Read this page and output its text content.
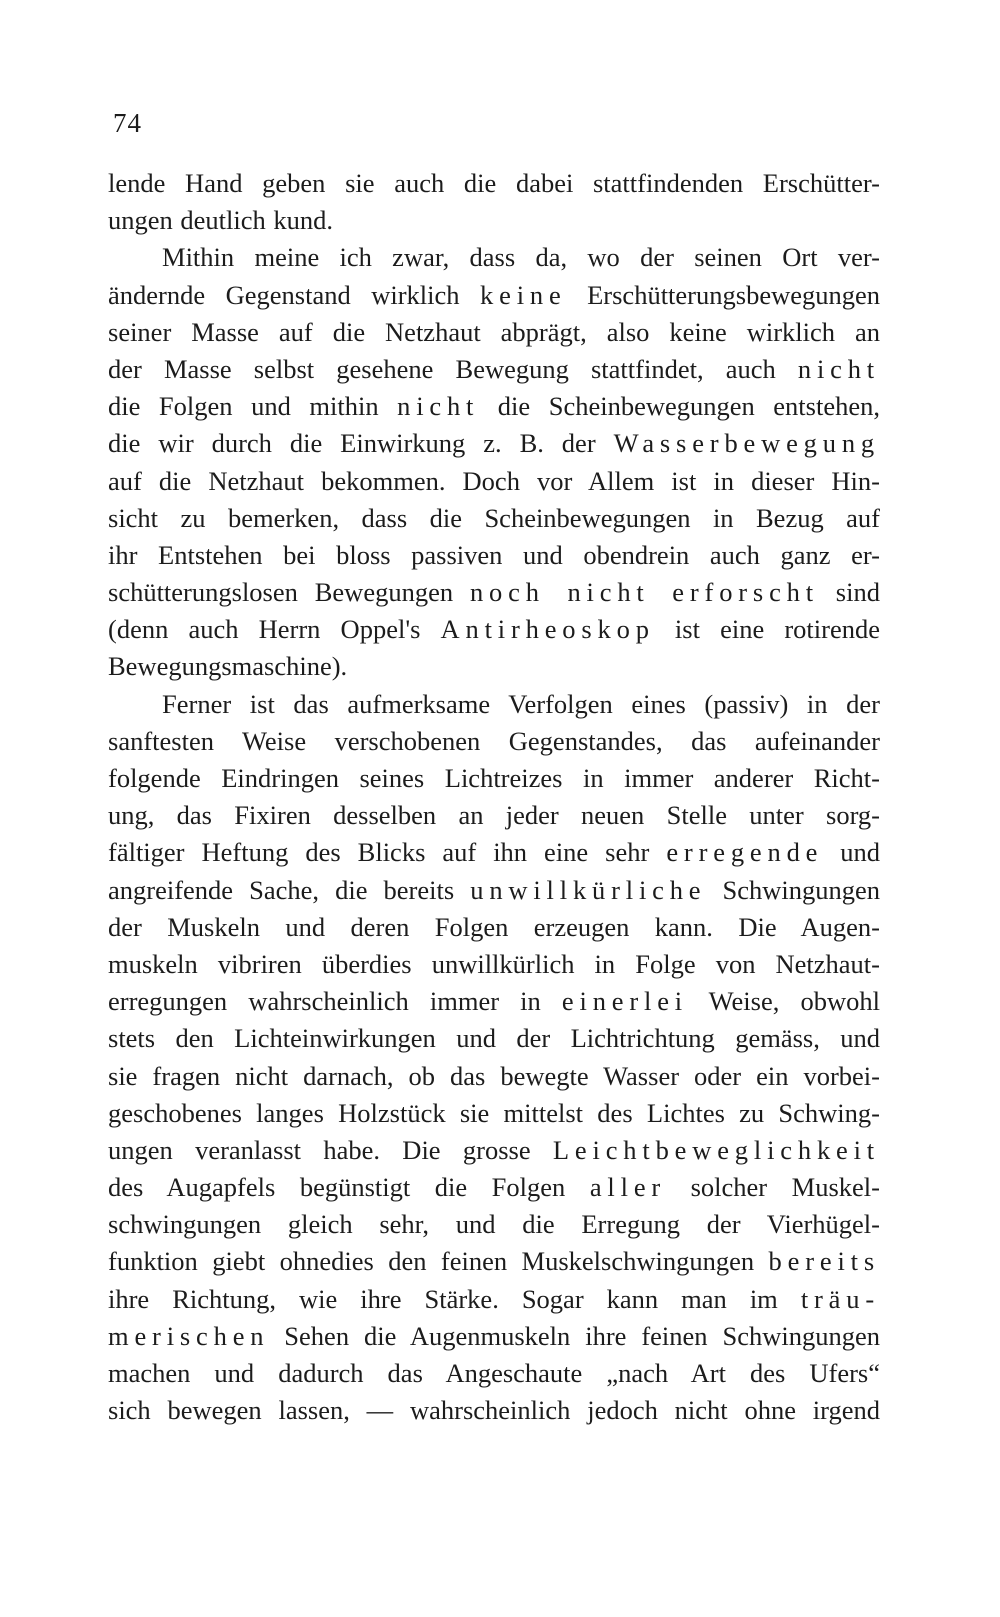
74
lende Hand geben sie auch die dabei stattfindenden Erschütter-
ungen deutlich kund.
Mithin meine ich zwar, dass da, wo der seinen Ort ver-
ändernde Gegenstand wirklich keine Erschütterungsbewegungen
seiner Masse auf die Netzhaut abprägt, also keine wirklich an
der Masse selbst gesehene Bewegung stattfindet, auch nicht
die Folgen und mithin nicht die Scheinbewegungen entstehen,
die wir durch die Einwirkung z. B. der Wasserbewegung
auf die Netzhaut bekommen. Doch vor Allem ist in dieser Hin-
sicht zu bemerken, dass die Scheinbewegungen in Bezug auf
ihr Entstehen bei bloss passiven und obendrein auch ganz er-
schütterungslosen Bewegungen noch nicht erforscht sind
(denn auch Herrn Oppel's Antirheoskop ist eine rotirende
Bewegungsmaschine).
Ferner ist das aufmerksame Verfolgen eines (passiv) in der
sanftesten Weise verschobenen Gegenstandes, das aufeinander
folgende Eindringen seines Lichtreizes in immer anderer Richt-
ung, das Fixiren desselben an jeder neuen Stelle unter sorg-
fältiger Heftung des Blicks auf ihn eine sehr erregende und
angreifende Sache, die bereits unwillkürliche Schwingungen
der Muskeln und deren Folgen erzeugen kann. Die Augen-
muskeln vibriren überdies unwillkürlich in Folge von Netzhaut-
erregungen wahrscheinlich immer in einerlei Weise, obwohl
stets den Lichteinwirkungen und der Lichtrichtung gemäss, und
sie fragen nicht darnach, ob das bewegte Wasser oder ein vorbei-
geschobenes langes Holzstück sie mittelst des Lichtes zu Schwing-
ungen veranlasst habe. Die grosse Leichtbeweglichkeit
des Augapfels begünstigt die Folgen aller solcher Muskel-
schwingungen gleich sehr, und die Erregung der Vierhügel-
funktion giebt ohnedies den feinen Muskelschwingungen bereits
ihre Richtung, wie ihre Stärke. Sogar kann man im träu-
merischen Sehen die Augenmuskeln ihre feinen Schwingungen
machen und dadurch das Angeschaute „nach Art des Ufers“
sich bewegen lassen, — wahrscheinlich jedoch nicht ohne irgend
